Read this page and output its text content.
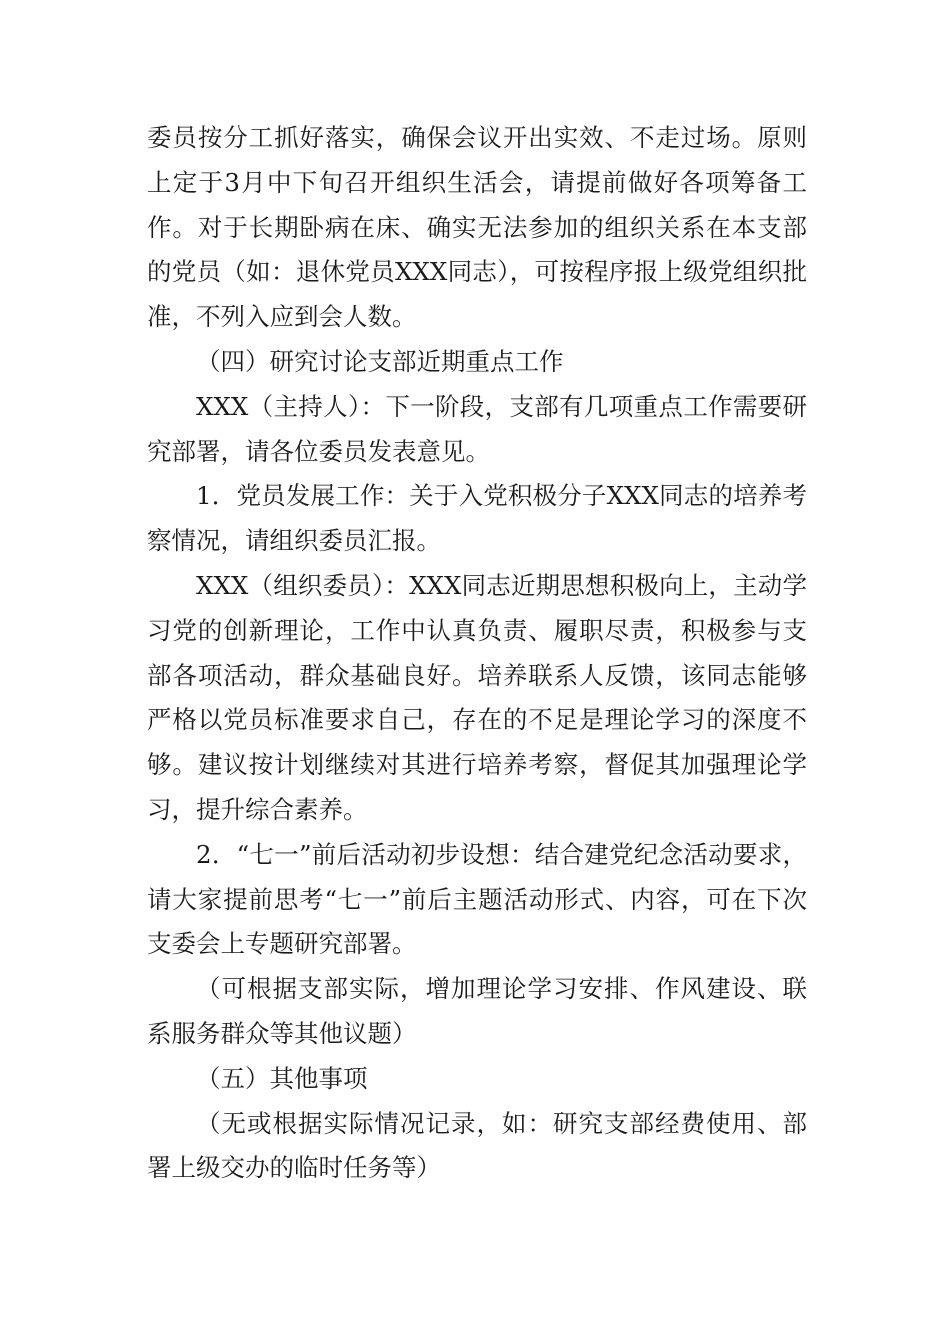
委员按分工抓好落实，确保会议开出实效、不走过场。原则上定于3月中下旬召开组织生活会，请提前做好各项筹备工作。对于长期卧病在床、确实无法参加的组织关系在本支部的党员（如：退休党员XXX同志），可按程序报上级党组织批准，不列入应到会人数。

（四）研究讨论支部近期重点工作

XXX（主持人）：下一阶段，支部有几项重点工作需要研究部署，请各位委员发表意见。

1．党员发展工作：关于入党积极分子XXX同志的培养考察情况，请组织委员汇报。

XXX（组织委员）：XXX同志近期思想积极向上，主动学习党的创新理论，工作中认真负责、履职尽责，积极参与支部各项活动，群众基础良好。培养联系人反馈，该同志能够严格以党员标准要求自己，存在的不足是理论学习的深度不够。建议按计划继续对其进行培养考察，督促其加强理论学习，提升综合素养。

2．“七一”前后活动初步设想：结合建党纪念活动要求，请大家提前思考“七一”前后主题活动形式、内容，可在下次支委会上专题研究部署。

（可根据支部实际，增加理论学习安排、作风建设、联系服务群众等其他议题）

（五）其他事项

（无或根据实际情况记录，如：研究支部经费使用、部署上级交办的临时任务等）
